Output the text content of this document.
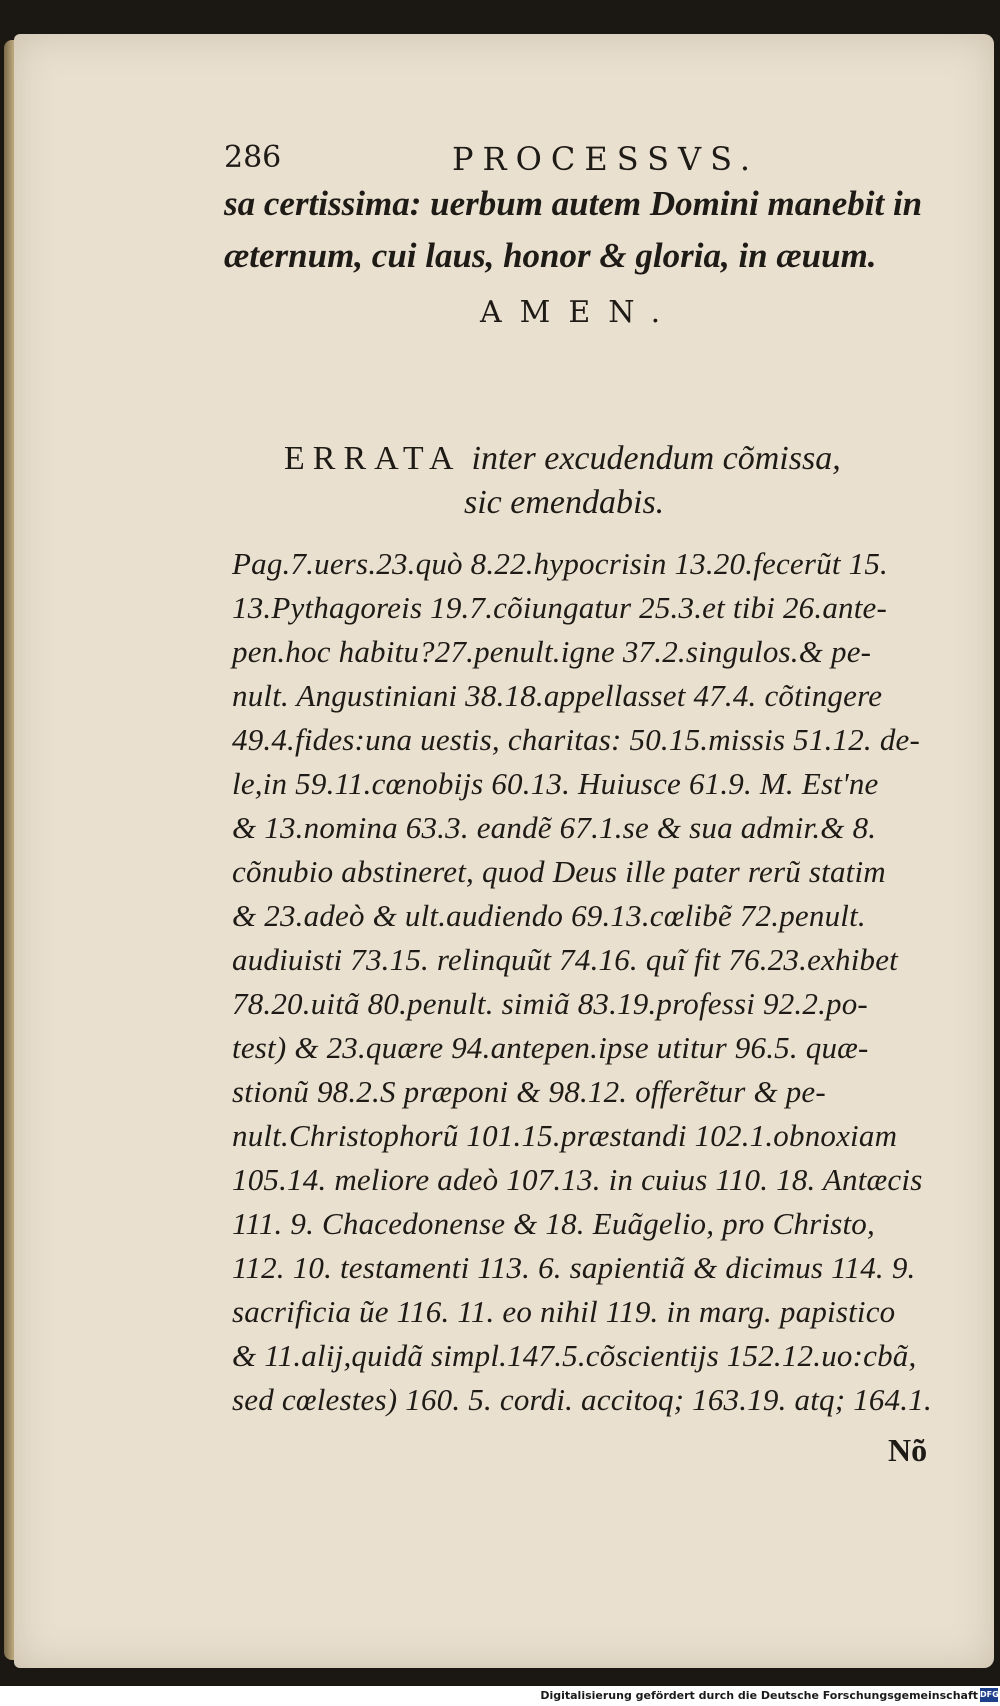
286	PROCESSVS.
sa certissima: uerbum autem Domini manebit in
æternum, cui laus, honor & gloria, in æuum.
AMEN.
ERRATA inter excudendum cõmissa,
sic emendabis.
Pag.7.uers.23.quò 8.22.hypocrisin 13.20.fecerũt 15.
13.Pythagoreis 19.7.cõiungatur 25.3.et tibi 26.ante-
pen.hoc habitu?27.penult.igne 37.2.singulos.& pe-
nult. Angustiniani 38.18.appellasset 47.4. cõtingere
49.4.fides:una uestis, charitas: 50.15.missis 51.12. de-
le,in 59.11.cœnobijs 60.13. Huiusce 61.9. M. Est'ne
& 13.nomina 63.3. eandẽ 67.1.se & sua admir.& 8.
cõnubio abstineret, quod Deus ille pater rerũ statim
& 23.adeò & ult.audiendo 69.13.cœlibẽ 72.penult.
audiuisti 73.15. relinquũt 74.16. quĩ fit 76.23.exhibet
78.20.uitã 80.penult. simiã 83.19.professi 92.2.po-
test) & 23.quære 94.antepen.ipse utitur 96.5. quæ-
stionũ 98.2.S præponi & 98.12. offerẽtur & pe-
nult.Christophorũ 101.15.præstandi 102.1.obnoxiam
105.14. meliore adeò 107.13. in cuius 110. 18. Antæcis
111. 9. Chacedonense & 18. Euãgelio, pro Christo,
112. 10. testamenti 113. 6. sapientiã & dicimus 114. 9.
sacrificia ũe 116. 11. eo nihil 119. in marg. papistico
& 11.alij,quidã simpl.147.5.cõscientijs 152.12.uo:cbã,
sed cœlestes) 160. 5. cordi. accitoq; 163.19. atq; 164.1.
Nõ
Digitalisierung gefördert durch die Deutsche Forschungsgemeinschaft DFG
